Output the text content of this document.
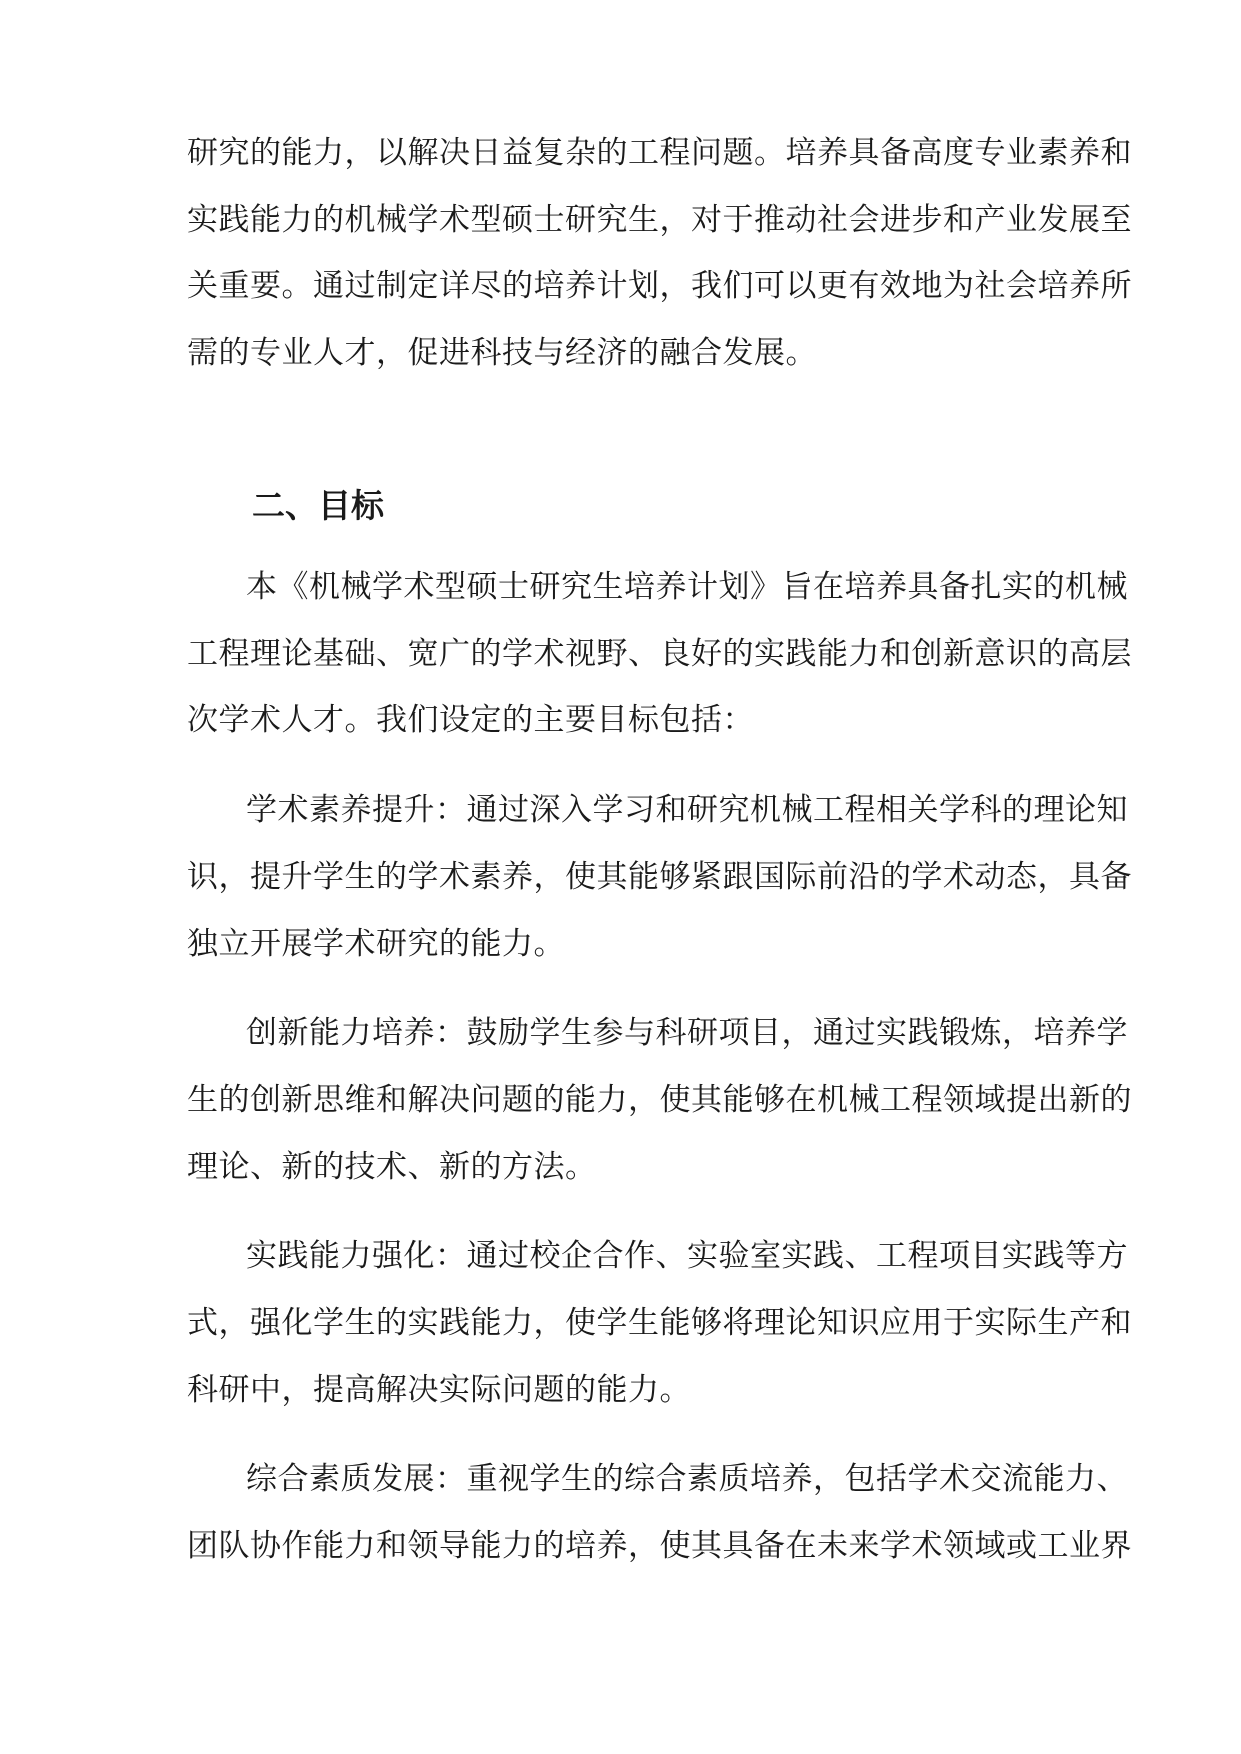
研究的能力，以解决日益复杂的工程问题。培养具备高度专业素养和
实践能力的机械学术型硕士研究生，对于推动社会进步和产业发展至
关重要。通过制定详尽的培养计划，我们可以更有效地为社会培养所
需的专业人才，促进科技与经济的融合发展。
二、目标
本《机械学术型硕士研究生培养计划》旨在培养具备扎实的机械
工程理论基础、宽广的学术视野、良好的实践能力和创新意识的高层
次学术人才。我们设定的主要目标包括：
学术素养提升：通过深入学习和研究机械工程相关学科的理论知
识，提升学生的学术素养，使其能够紧跟国际前沿的学术动态，具备
独立开展学术研究的能力。
创新能力培养：鼓励学生参与科研项目，通过实践锻炼，培养学
生的创新思维和解决问题的能力，使其能够在机械工程领域提出新的
理论、新的技术、新的方法。
实践能力强化：通过校企合作、实验室实践、工程项目实践等方
式，强化学生的实践能力，使学生能够将理论知识应用于实际生产和
科研中，提高解决实际问题的能力。
综合素质发展：重视学生的综合素质培养，包括学术交流能力、
团队协作能力和领导能力的培养，使其具备在未来学术领域或工业界
